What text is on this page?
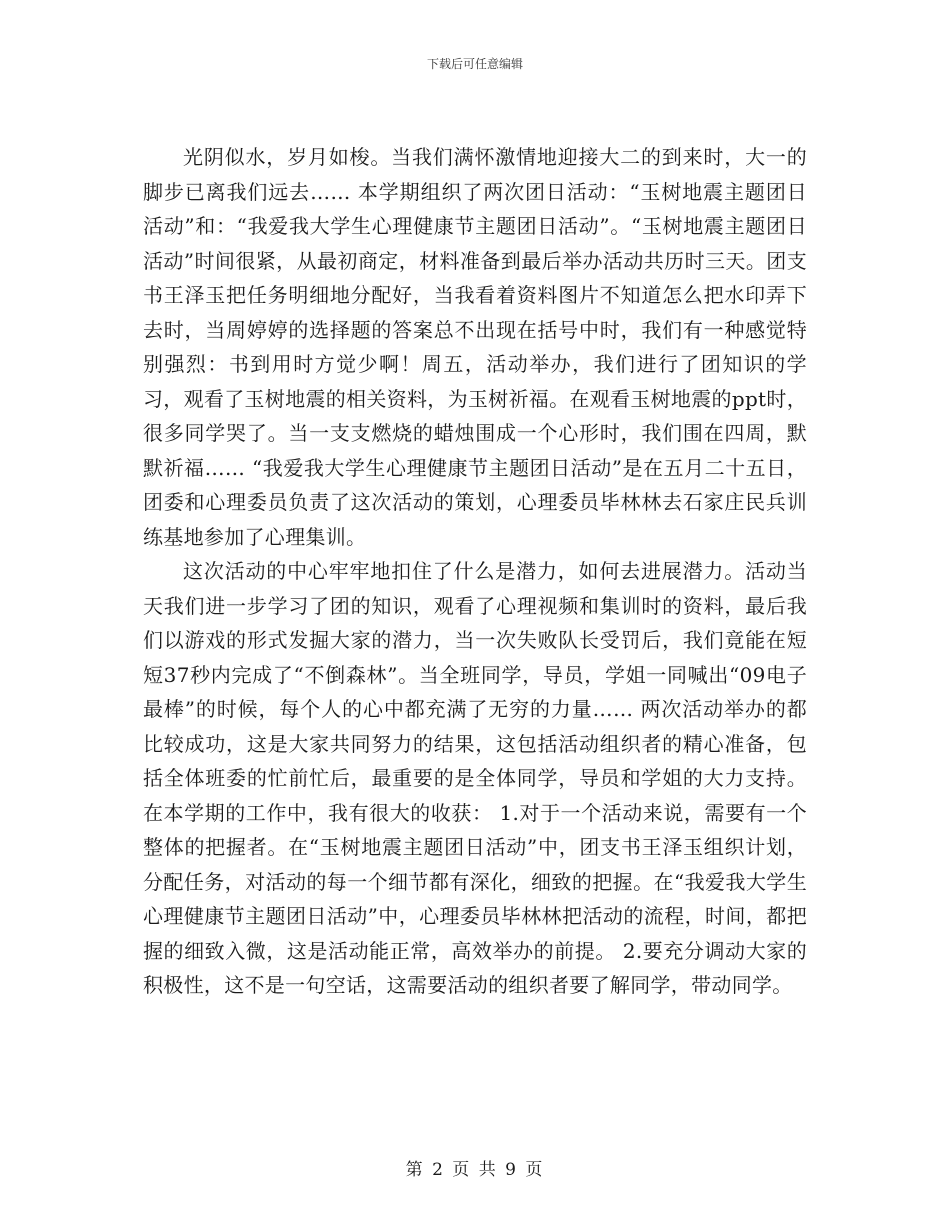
下载后可任意编辑

光阴似水，岁月如梭。当我们满怀激情地迎接大二的到来时，大一的脚步已离我们远去…… 本学期组织了两次团日活动：“玉树地震主题团日活动”和：“我爱我大学生心理健康节主题团日活动”。“玉树地震主题团日活动”时间很紧，从最初商定，材料准备到最后举办活动共历时三天。团支书王泽玉把任务明细地分配好，当我看着资料图片不知道怎么把水印弄下去时，当周婷婷的选择题的答案总不出现在括号中时，我们有一种感觉特别强烈：书到用时方觉少啊！周五，活动举办，我们进行了团知识的学习，观看了玉树地震的相关资料，为玉树祈福。在观看玉树地震的ppt时，很多同学哭了。当一支支燃烧的蜡烛围成一个心形时，我们围在四周，默默祈福…… “我爱我大学生心理健康节主题团日活动”是在五月二十五日，团委和心理委员负责了这次活动的策划，心理委员毕林林去石家庄民兵训练基地参加了心理集训。

这次活动的中心牢牢地扣住了什么是潜力，如何去进展潜力。活动当天我们进一步学习了团的知识，观看了心理视频和集训时的资料，最后我们以游戏的形式发掘大家的潜力，当一次失败队长受罚后，我们竟能在短短37秒内完成了“不倒森林”。当全班同学，导员，学姐一同喊出“09电子最棒”的时候，每个人的心中都充满了无穷的力量…… 两次活动举办的都比较成功，这是大家共同努力的结果，这包括活动组织者的精心准备，包括全体班委的忙前忙后，最重要的是全体同学，导员和学姐的大力支持。在本学期的工作中，我有很大的收获： 1.对于一个活动来说，需要有一个整体的把握者。在“玉树地震主题团日活动”中，团支书王泽玉组织计划，分配任务，对活动的每一个细节都有深化，细致的把握。在“我爱我大学生心理健康节主题团日活动”中，心理委员毕林林把活动的流程，时间，都把握的细致入微，这是活动能正常，高效举办的前提。 2.要充分调动大家的积极性，这不是一句空话，这需要活动的组织者要了解同学，带动同学。

第 2 页 共 9 页
